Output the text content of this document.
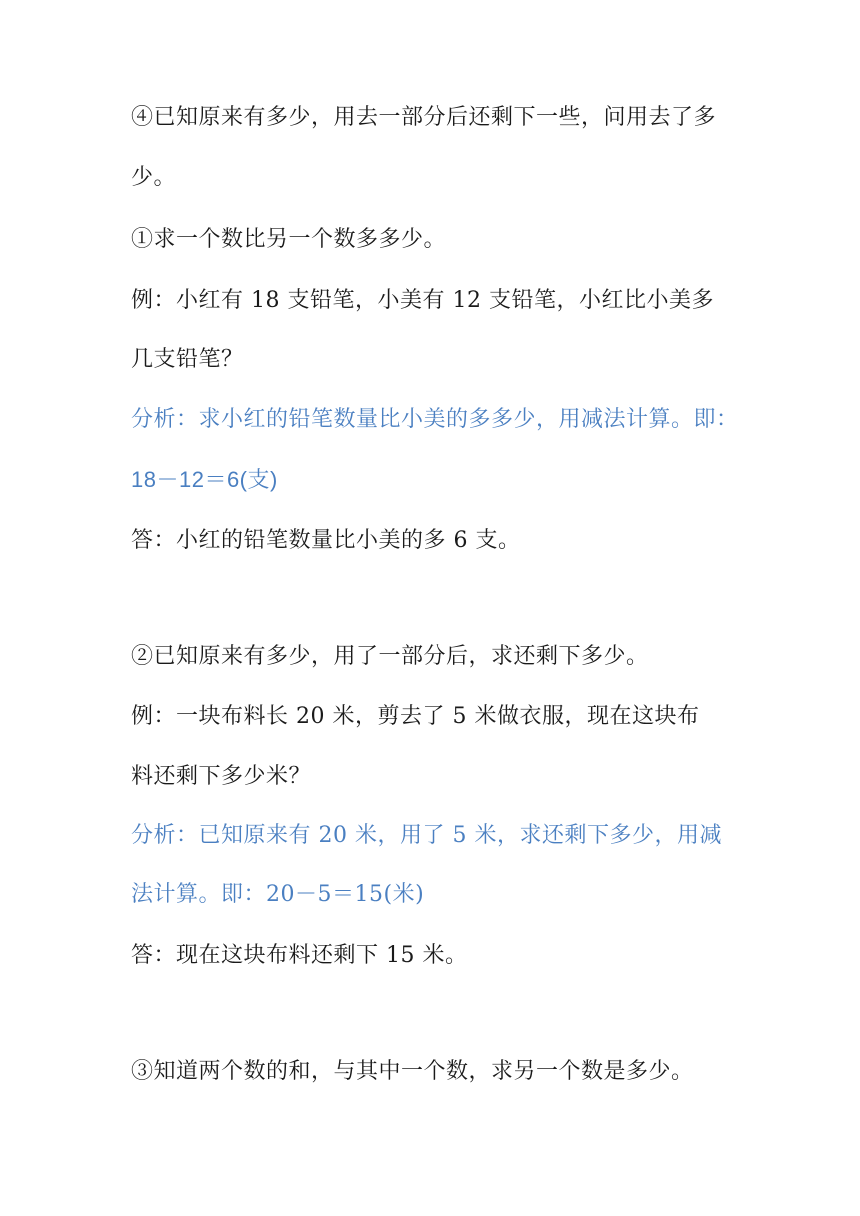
④已知原来有多少，用去一部分后还剩下一些，问用去了多
少。
①求一个数比另一个数多多少。
例：小红有 18 支铅笔，小美有 12 支铅笔，小红比小美多
几支铅笔？
分析：求小红的铅笔数量比小美的多多少，用减法计算。即：
18－12＝6(支)
答：小红的铅笔数量比小美的多 6 支。
②已知原来有多少，用了一部分后，求还剩下多少。
例：一块布料长 20 米，剪去了 5 米做衣服，现在这块布
料还剩下多少米？
分析：已知原来有 20 米，用了 5 米，求还剩下多少，用减
法计算。即：20－5＝15(米)
答：现在这块布料还剩下 15 米。
③知道两个数的和，与其中一个数，求另一个数是多少。
